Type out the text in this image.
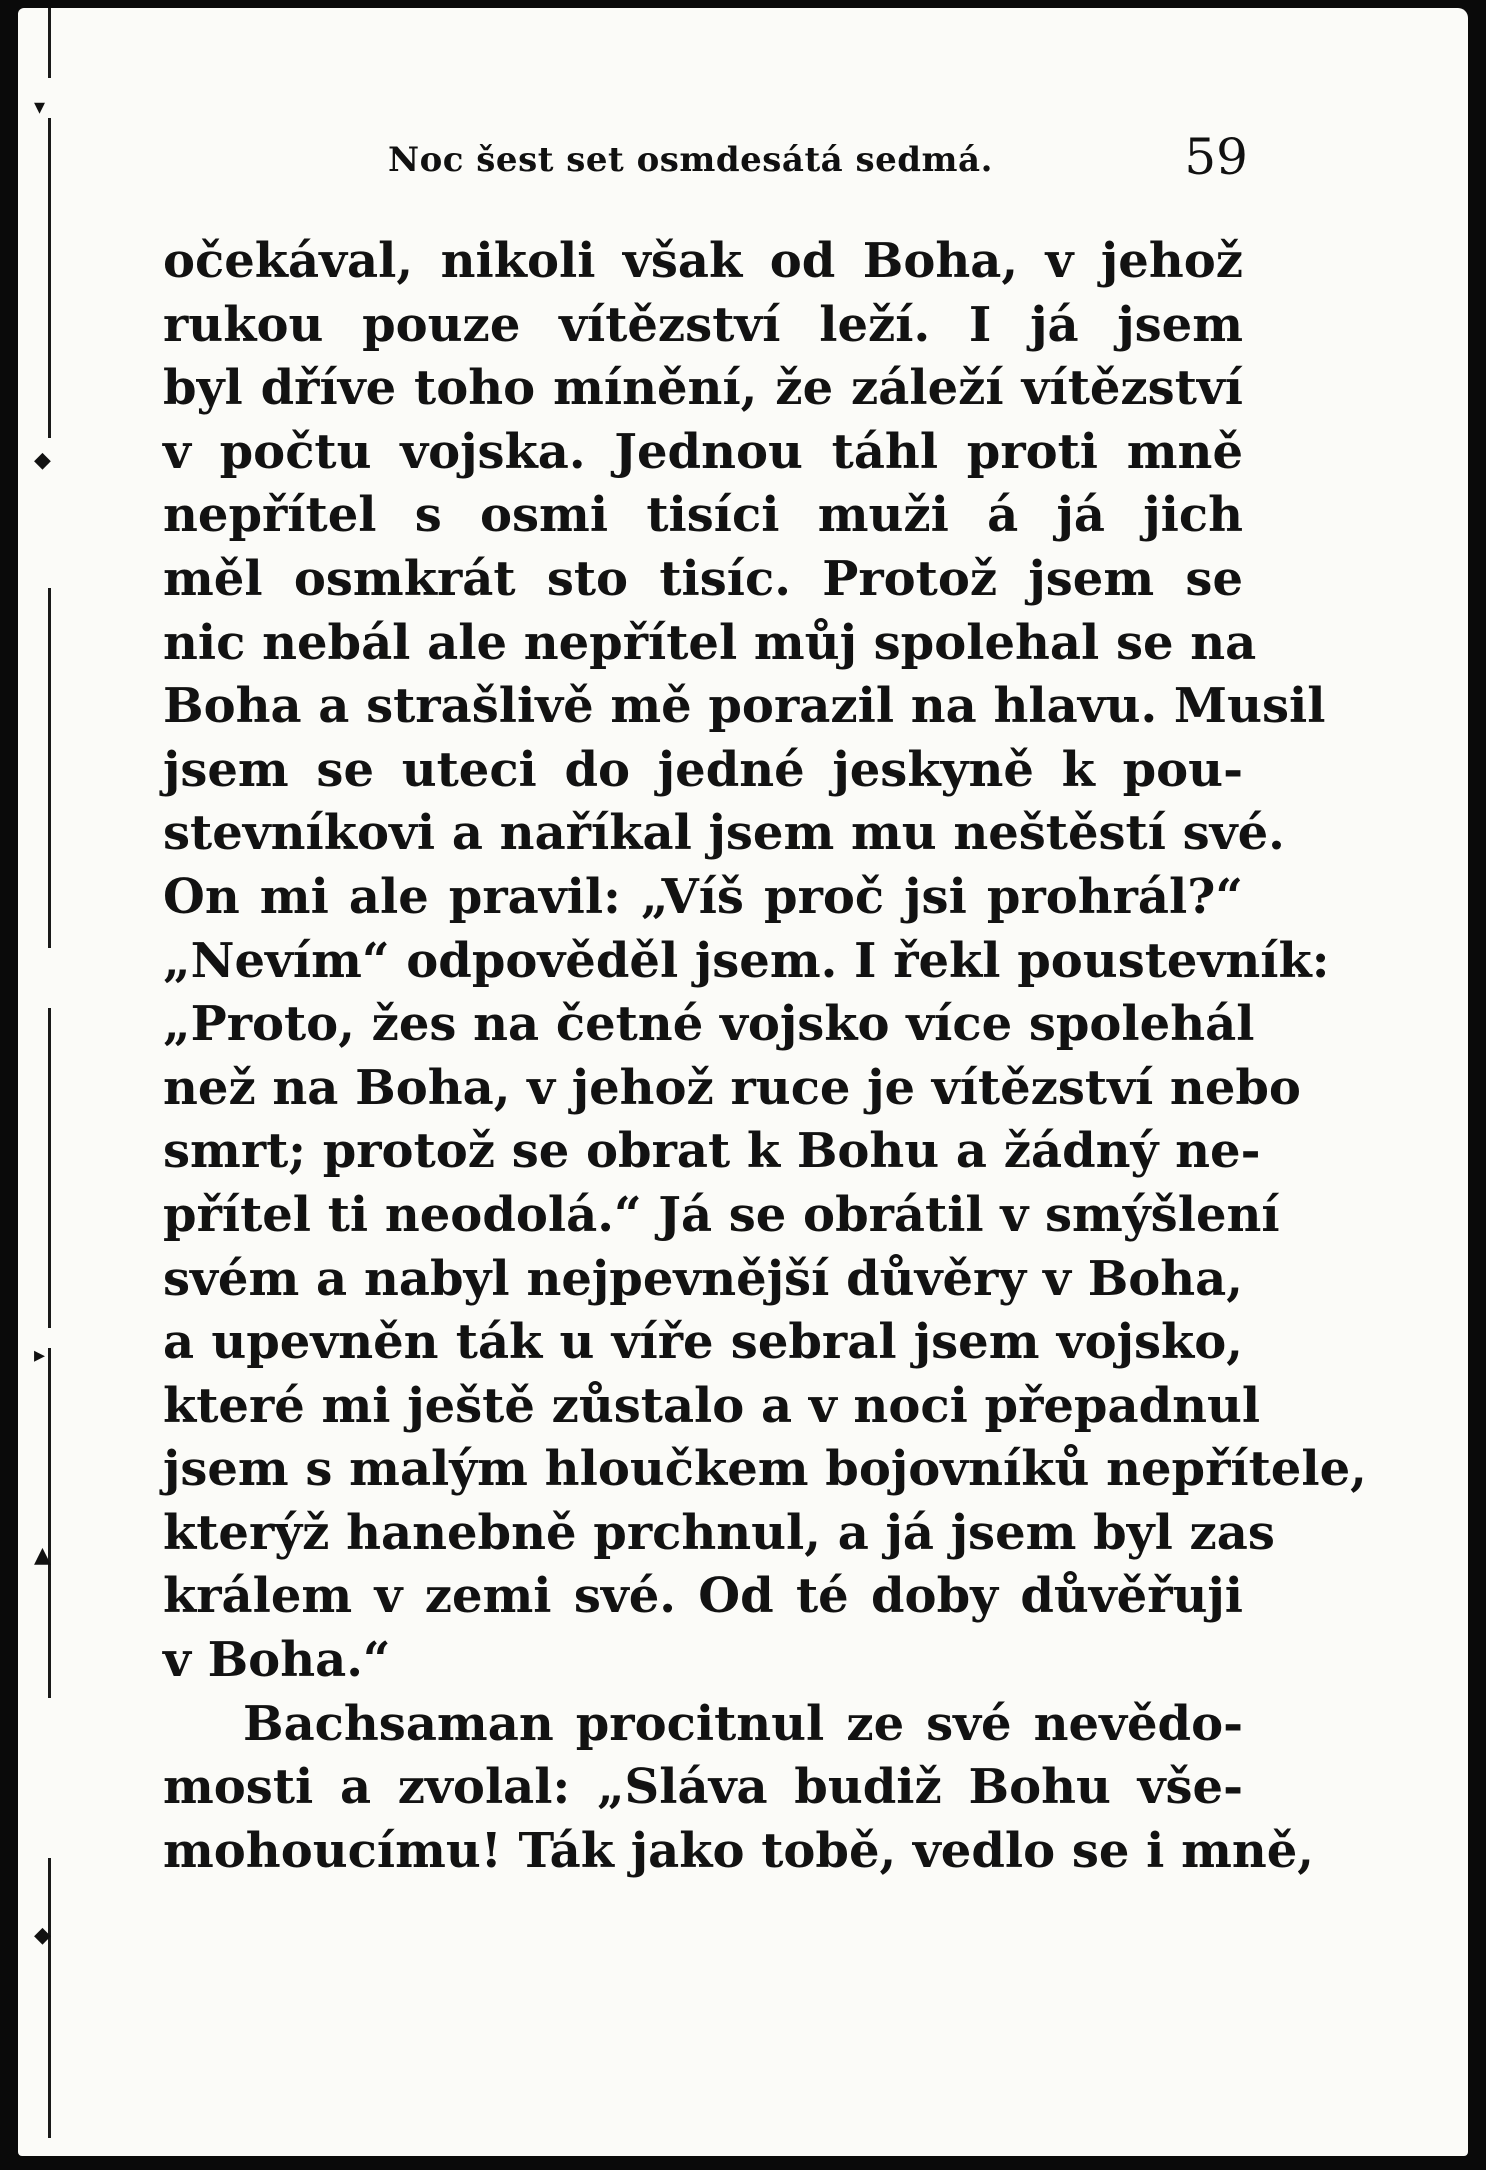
▾
◆
▸
▲
◆
Noc šest set osmdesátá sedmá.	59
očekával, nikoli však od Boha, v jehož
rukou pouze vítězství leží. I já jsem
byl dříve toho mínění, že záleží vítězství
v počtu vojska. Jednou táhl proti mně
nepřítel s osmi tisíci muži á já jich
měl osmkrát sto tisíc. Protož jsem se
nic nebál ale nepřítel můj spolehal se na
Boha a strašlivě mě porazil na hlavu. Musil
jsem se uteci do jedné jeskyně k pou-
stevníkovi a naříkal jsem mu neštěstí své.
On mi ale pravil: „Víš proč jsi prohrál?“
„Nevím“ odpověděl jsem. I řekl poustevník:
„Proto, žes na četné vojsko více spolehál
než na Boha, v jehož ruce je vítězství nebo
smrt; protož se obrat k Bohu a žádný ne-
přítel ti neodolá.“ Já se obrátil v smýšlení
svém a nabyl nejpevnější důvěry v Boha,
a upevněn ták u víře sebral jsem vojsko,
které mi ještě zůstalo a v noci přepadnul
jsem s malým hloučkem bojovníků nepřítele,
kterýž hanebně prchnul, a já jsem byl zas
králem v zemi své. Od té doby důvěřuji
v Boha.“
Bachsaman procitnul ze své nevědo-
mosti a zvolal: „Sláva budiž Bohu vše-
mohoucímu! Ták jako tobě, vedlo se i mně,
